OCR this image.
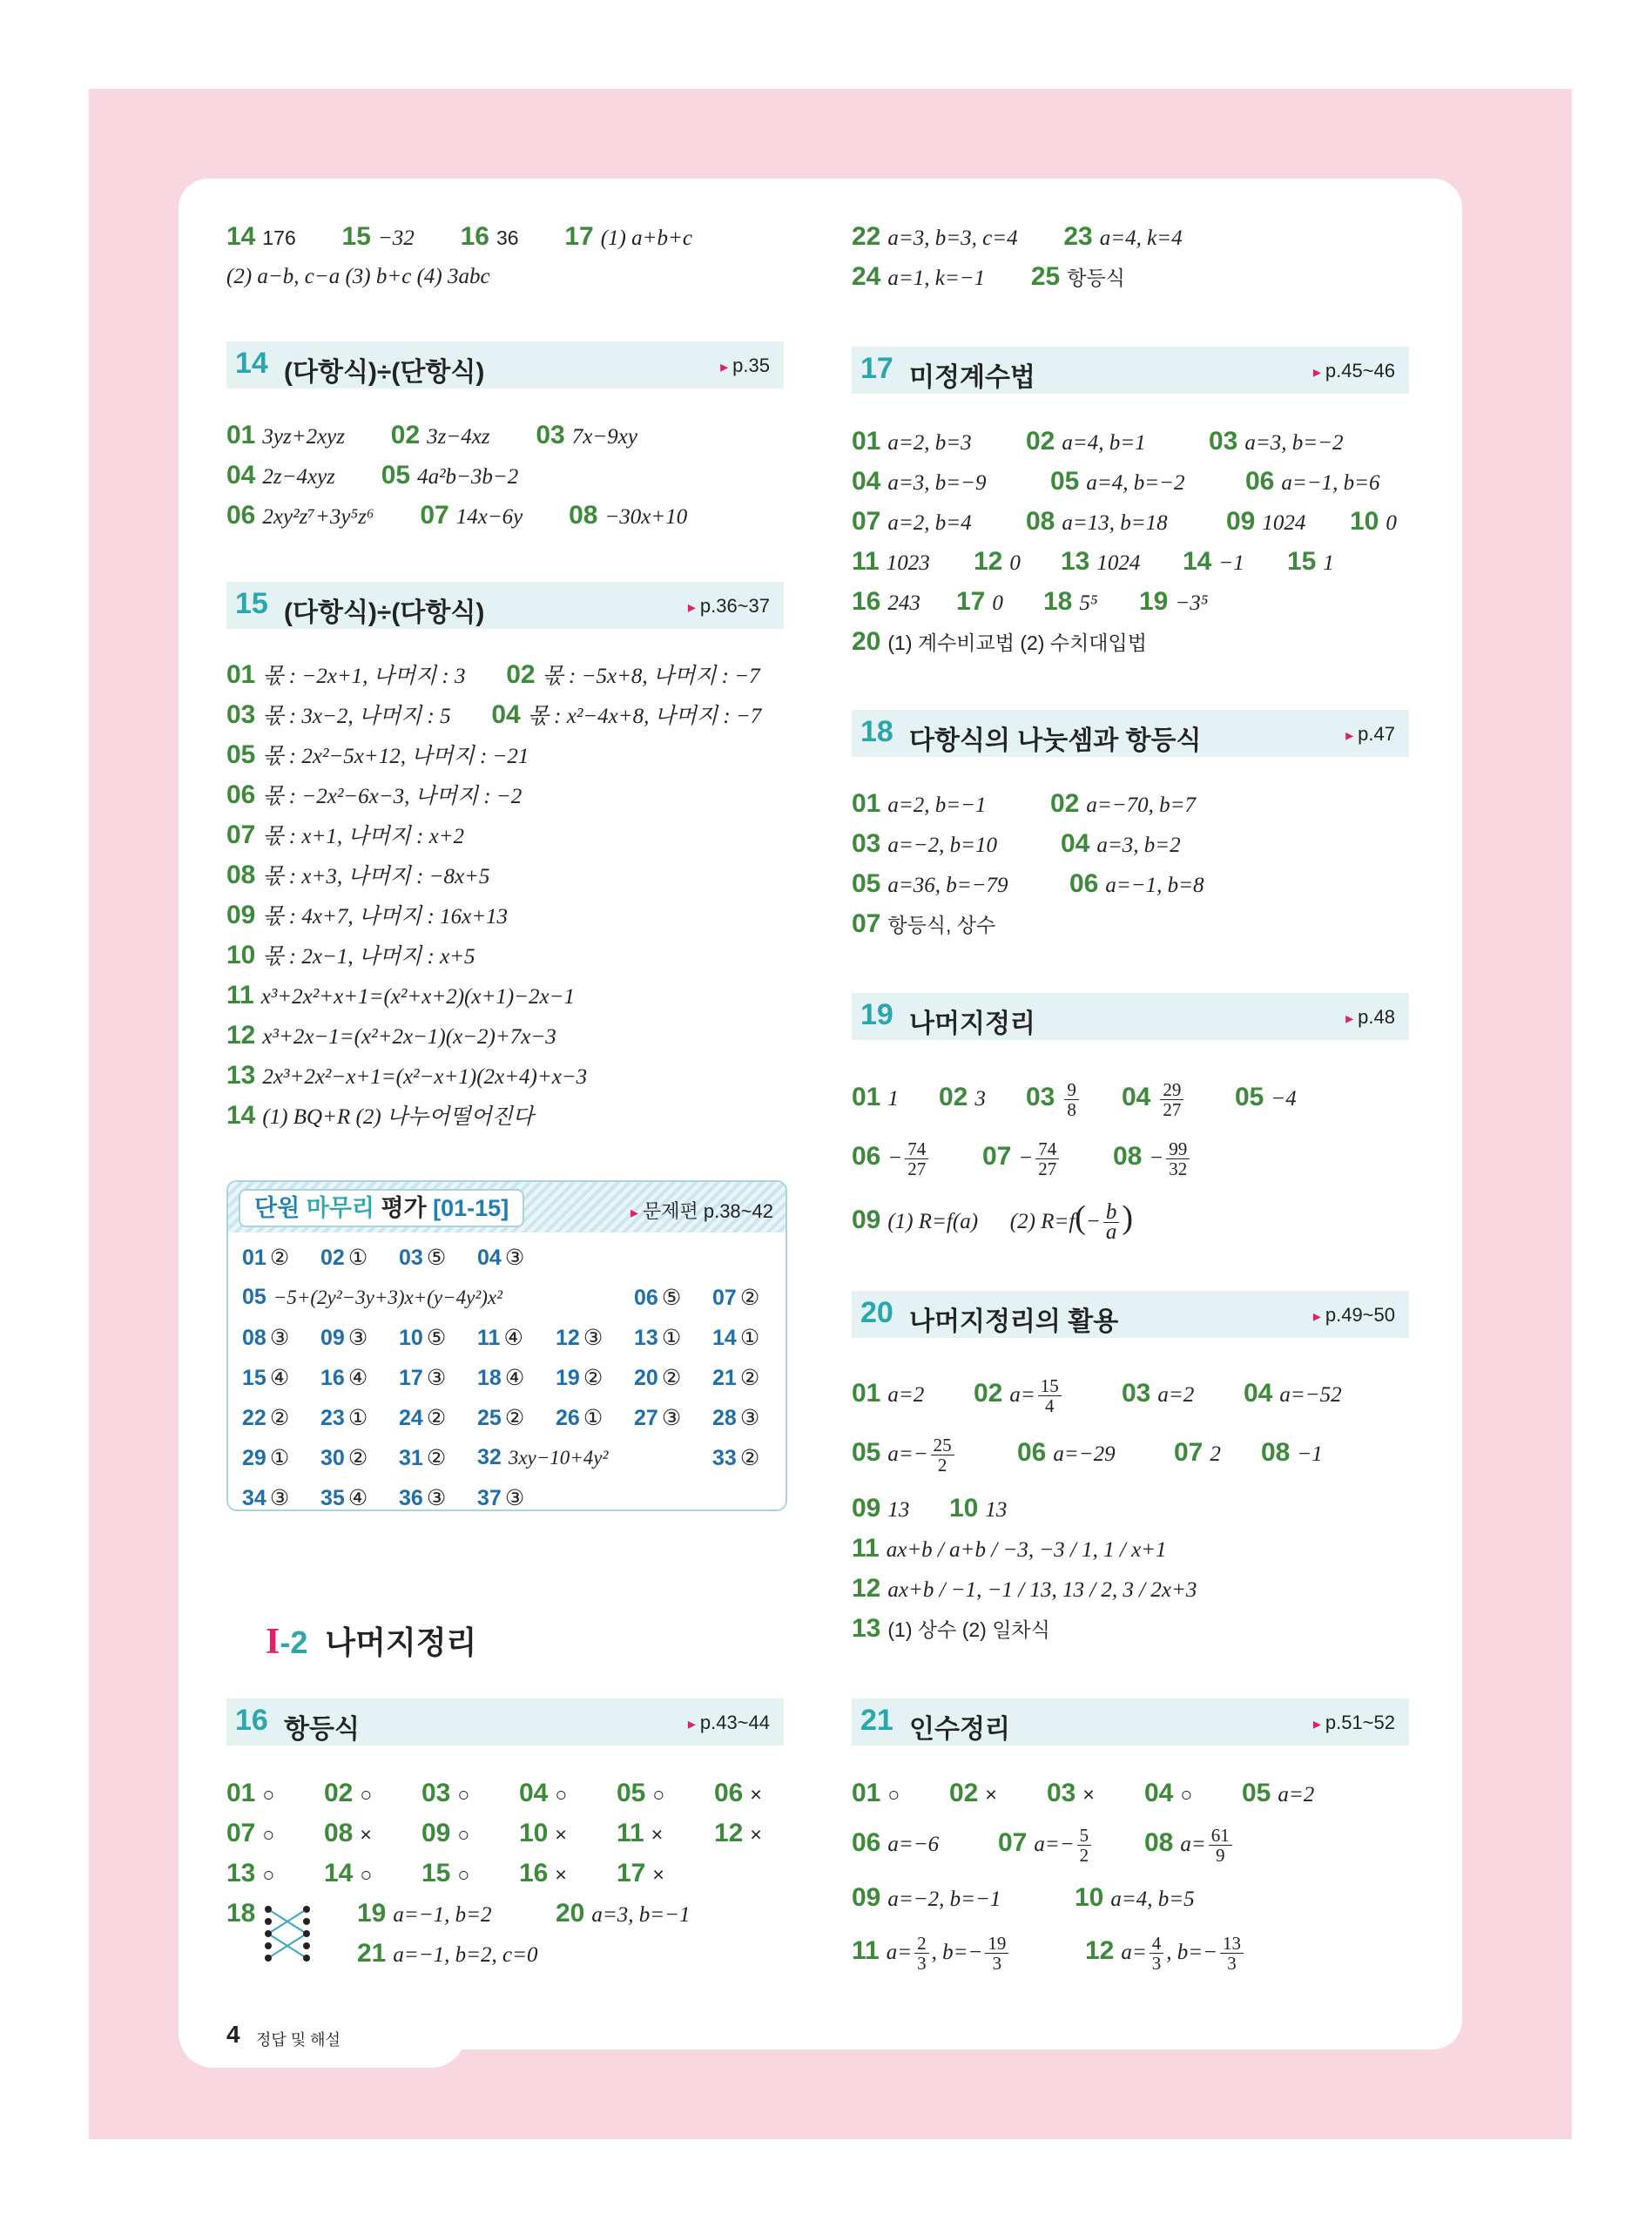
14 176 15 −32 16 36 17 (1) a+b+c
(2) a−b, c−a (3) b+c (4) 3abc
14 (다항식)÷(단항식)	▸ p.35
01 3yz+2xyz 02 3z−4xz 03 7x−9xy
04 2z−4xyz 05 4a²b−3b−2
06 2xy²z⁷+3y⁵z⁶ 07 14x−6y 08 −30x+10
15 (다항식)÷(다항식)	▸ p.36~37
01 몫 : −2x+1, 나머지 : 3 02 몫 : −5x+8, 나머지 : −7
03 몫 : 3x−2, 나머지 : 5 04 몫 : x²−4x+8, 나머지 : −7
05 몫 : 2x²−5x+12, 나머지 : −21
06 몫 : −2x²−6x−3, 나머지 : −2
07 몫 : x+1, 나머지 : x+2
08 몫 : x+3, 나머지 : −8x+5
09 몫 : 4x+7, 나머지 : 16x+13
10 몫 : 2x−1, 나머지 : x+5
11 x³+2x²+x+1=(x²+x+2)(x+1)−2x−1
12 x³+2x−1=(x²+2x−1)(x−2)+7x−3
13 2x³+2x²−x+1=(x²−x+1)(2x+4)+x−3
14 (1) BQ+R (2) 나누어떨어진다
단원 마무리 평가 [01-15]	▸ 문제편 p.38~42
01 ② 02 ① 03 ⑤ 04 ③
05 −5+(2y²−3y+3)x+(y−4y²)x²	06 ⑤ 07 ②
08 ③ 09 ③ 10 ⑤ 11 ④ 12 ③ 13 ① 14 ①
15 ④ 16 ④ 17 ③ 18 ④ 19 ② 20 ② 21 ②
22 ② 23 ① 24 ② 25 ② 26 ① 27 ③ 28 ③
29 ① 30 ② 31 ② 32 3xy−10+4y²	33 ②
34 ③ 35 ④ 36 ③ 37 ③
I-2 나머지정리
16 항등식	▸ p.43~44
01 ○ 02 ○ 03 ○ 04 ○ 05 ○ 06 ×
07 ○ 08 × 09 ○ 10 × 11 × 12 ×
13 ○ 14 ○ 15 ○ 16 × 17 ×
18	19 a=−1, b=2 20 a=3, b=−1
21 a=−1, b=2, c=0
22 a=3, b=3, c=4 23 a=4, k=4
24 a=1, k=−1 25 항등식
17 미정계수법	▸ p.45~46
01 a=2, b=3 02 a=4, b=1 03 a=3, b=−2
04 a=3, b=−9 05 a=4, b=−2 06 a=−1, b=6
07 a=2, b=4 08 a=13, b=18 09 1024 10 0
11 1023 12 0 13 1024 14 −1 15 1
16 243 17 0 18 5⁵ 19 −3⁵
20 (1) 계수비교법 (2) 수치대입법
18 다항식의 나눗셈과 항등식	▸ p.47
01 a=2, b=−1 02 a=−70, b=7
03 a=−2, b=10 04 a=3, b=2
05 a=36, b=−79 06 a=−1, b=8
07 항등식, 상수
19 나머지정리	▸ p.48
01 1 02 3 $03 \frac{9}{8} 04 \frac{29}{27} 05 -4$
$06 - \frac{74}{27} 07 - \frac{74}{27} 08 - \frac{99}{32}$
09 (1) R=f(a) (2) $R=f(- \frac{b}{a}$ )
20 나머지정리의 활용	▸ p.49~50
01 a=2 02 $a= \frac{15}{4} 03$ a=2 04 a=−52
05 $a=- \frac{25}{2} 06$ a=−29 07 2 08 −1
09 13 10 13
11 ax+b / a+b / −3, −3 / 1, 1 / x+1
12 ax+b / −1, −1 / 13, 13 / 2, 3 / 2x+3
13 (1) 상수 (2) 일차식
21 인수정리	▸ p.51~52
01 ○ 02 × 03 × 04 ○ 05 a=2
06 a=−6 07 $a=- \frac{5}{2} 08$ $a= \frac{61}{9}$
09 a=−2, b=−1	10 a=4, b=5
11 $a= \frac{2}{3}$ , $b=- \frac{19}{3}$	12 $a= \frac{4}{3}$ , $b=- \frac{13}{3}$
4 정답 및 해설
